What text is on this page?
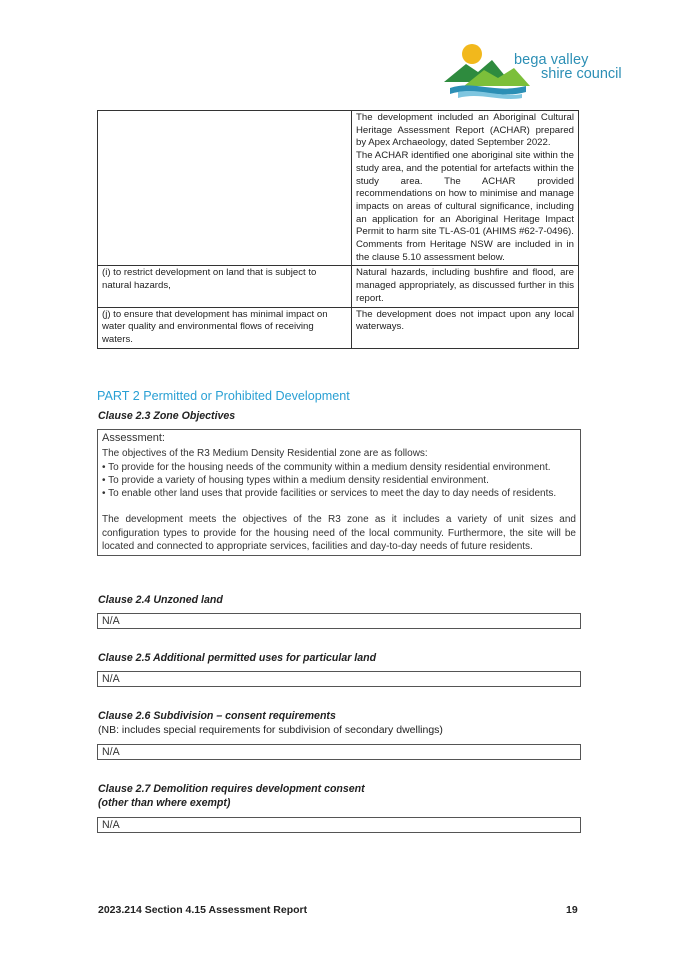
bega valley
shire council

	The development included an Aboriginal Cultural Heritage Assessment Report (ACHAR) prepared by Apex Archaeology, dated September 2022.
The ACHAR identified one aboriginal site within the study area, and the potential for artefacts within the study area. The ACHAR provided recommendations on how to minimise and manage impacts on areas of cultural significance, including an application for an Aboriginal Heritage Impact Permit to harm site TL-AS-01 (AHIMS #62-7-0496).
Comments from Heritage NSW are included in in the clause 5.10 assessment below.

(i) to restrict development on land that is subject to natural hazards,	Natural hazards, including bushfire and flood, are managed appropriately, as discussed further in this report.

(j) to ensure that development has minimal impact on water quality and environmental flows of receiving waters.	The development does not impact upon any local waterways.
PART 2 Permitted or Prohibited Development
Clause 2.3 Zone Objectives
Assessment:
The objectives of the R3 Medium Density Residential zone are as follows:
• To provide for the housing needs of the community within a medium density residential environment.
• To provide a variety of housing types within a medium density residential environment.
• To enable other land uses that provide facilities or services to meet the day to day needs of residents.
The development meets the objectives of the R3 zone as it includes a variety of unit sizes and configuration types to provide for the housing need of the local community. Furthermore, the site will be located and connected to appropriate services, facilities and day-to-day needs of future residents.
Clause 2.4 Unzoned land
N/A
Clause 2.5 Additional permitted uses for particular land
N/A
Clause 2.6 Subdivision – consent requirements
(NB: includes special requirements for subdivision of secondary dwellings)
N/A
Clause 2.7 Demolition requires development consent
(other than where exempt)
N/A
2023.214 Section 4.15 Assessment Report	19
